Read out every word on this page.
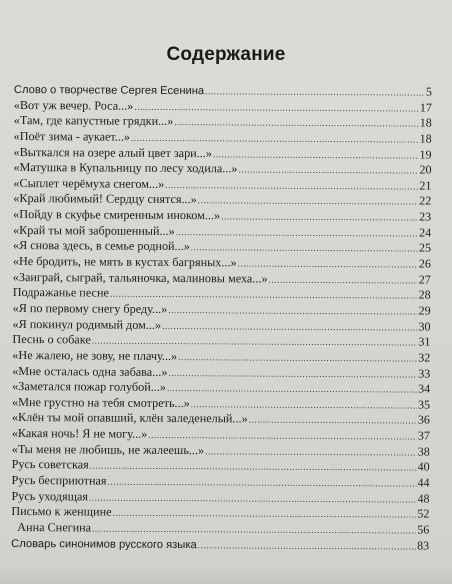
Содержание
Слово о творчестве Сергея Есенина .....	5
«Вот уж вечер. Роса...» .....	17
«Там, где капустные грядки...» .....	18
«Поёт зима - аукает...» .....	18
«Выткался на озере алый цвет зари...» .....	19
«Матушка в Купальницу по лесу ходила...» .....	20
«Сыплет черёмуха снегом...» .....	21
«Край любимый! Сердцу снятся...» .....	22
«Пойду в скуфье смиренным иноком...» .....	23
«Край ты мой заброшенный...» .....	24
«Я снова здесь, в семье родной...» .....	25
«Не бродить, не мять в кустах багряных...» .....	26
«Заиграй, сыграй, тальяночка, малиновы меха...» .....	27
Подражанье песне .....	28
«Я по первому снегу бреду...» .....	29
«Я покинул родимый дом...» .....	30
Песнь о собаке .....	31
«Не жалею, не зову, не плачу...» .....	32
«Мне осталась одна забава...» .....	33
«Заметался пожар голубой...» .....	34
«Мне грустно на тебя смотреть...» .....	35
«Клён ты мой опавший, клён заледенелый...» .....	36
«Какая ночь! Я не могу...» .....	37
«Ты меня не любишь, не жалеешь...» .....	38
Русь советская .....	40
Русь бесприютная .....	44
Русь уходящая .....	48
Письмо к женщине .....	52
Анна Снегина .....	56
Словарь синонимов русского языка .....	83
